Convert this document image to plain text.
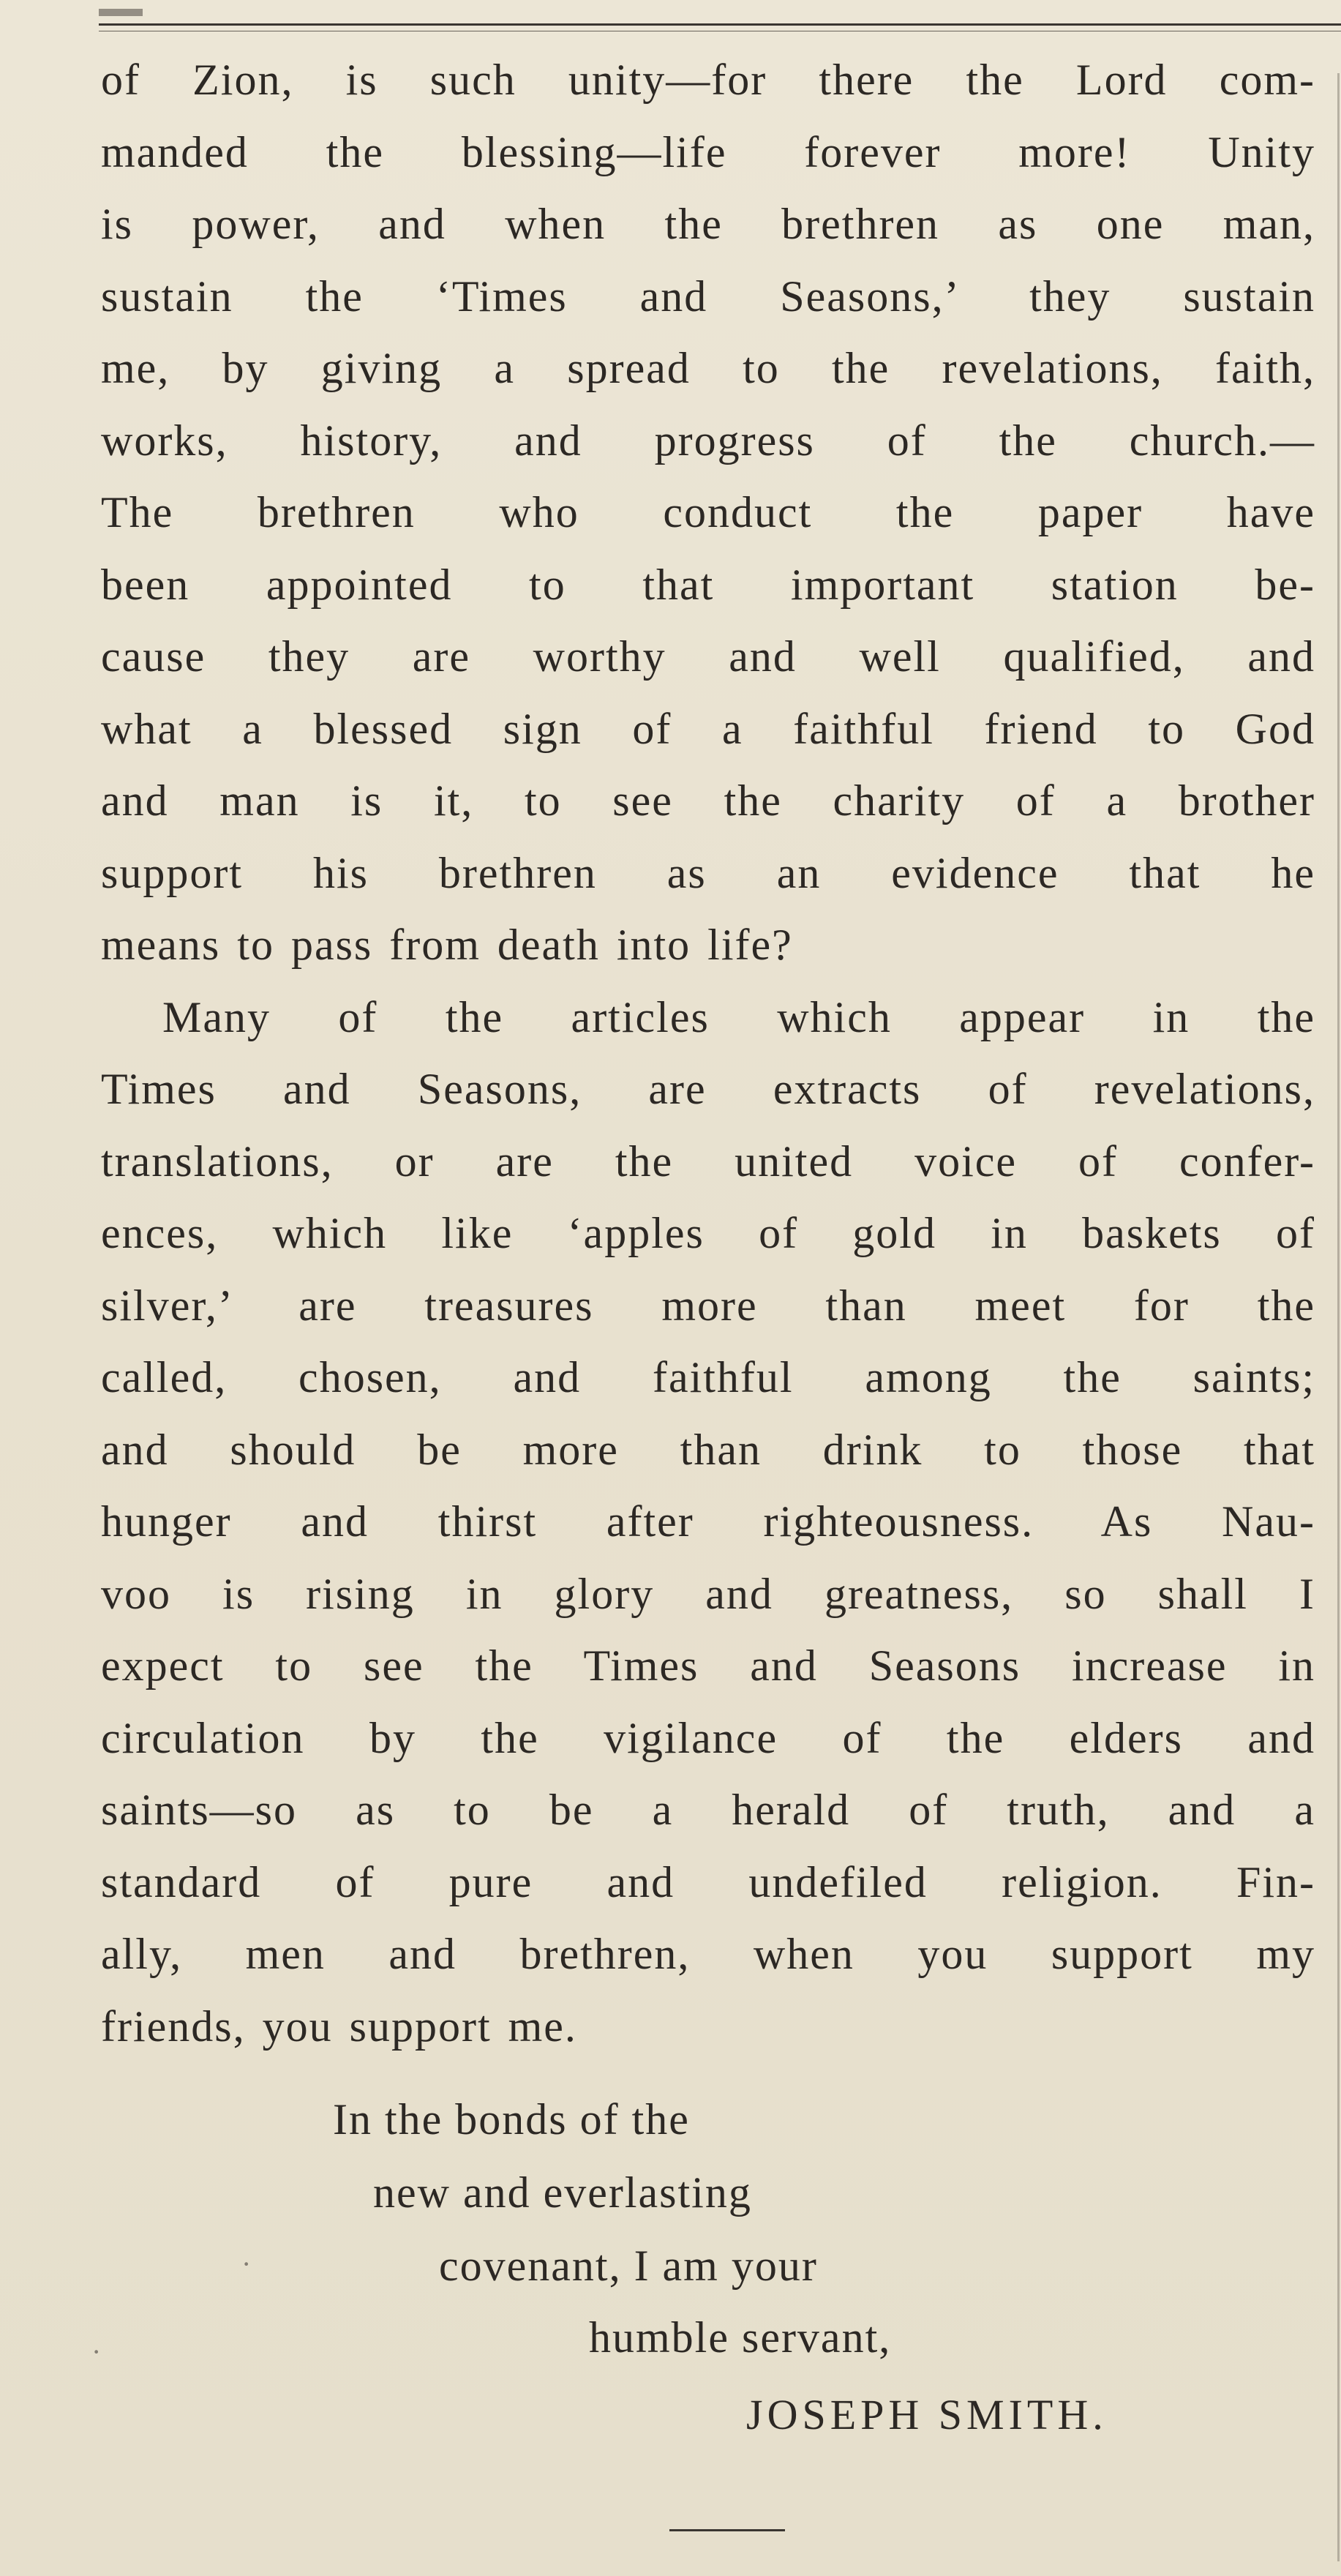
of Zion, is such unity—for there the Lord com-
manded the blessing—life forever more! Unity
is power, and when the brethren as one man,
sustain the ‘Times and Seasons,’ they sustain
me, by giving a spread to the revelations, faith,
works, history, and progress of the church.—
The brethren who conduct the paper have
been appointed to that important station be-
cause they are worthy and well qualified, and
what a blessed sign of a faithful friend to God
and man is it, to see the charity of a brother
support his brethren as an evidence that he
means to pass from death into life?
Many of the articles which appear in the
Times and Seasons, are extracts of revelations,
translations, or are the united voice of confer-
ences, which like ‘apples of gold in baskets of
silver,’ are treasures more than meet for the
called, chosen, and faithful among the saints;
and should be more than drink to those that
hunger and thirst after righteousness. As Nau-
voo is rising in glory and greatness, so shall I
expect to see the Times and Seasons increase in
circulation by the vigilance of the elders and
saints—so as to be a herald of truth, and a
standard of pure and undefiled religion. Fin-
ally, men and brethren, when you support my
friends, you support me.
In the bonds of the
new and everlasting
covenant, I am your
humble servant,
JOSEPH SMITH.
·
·
